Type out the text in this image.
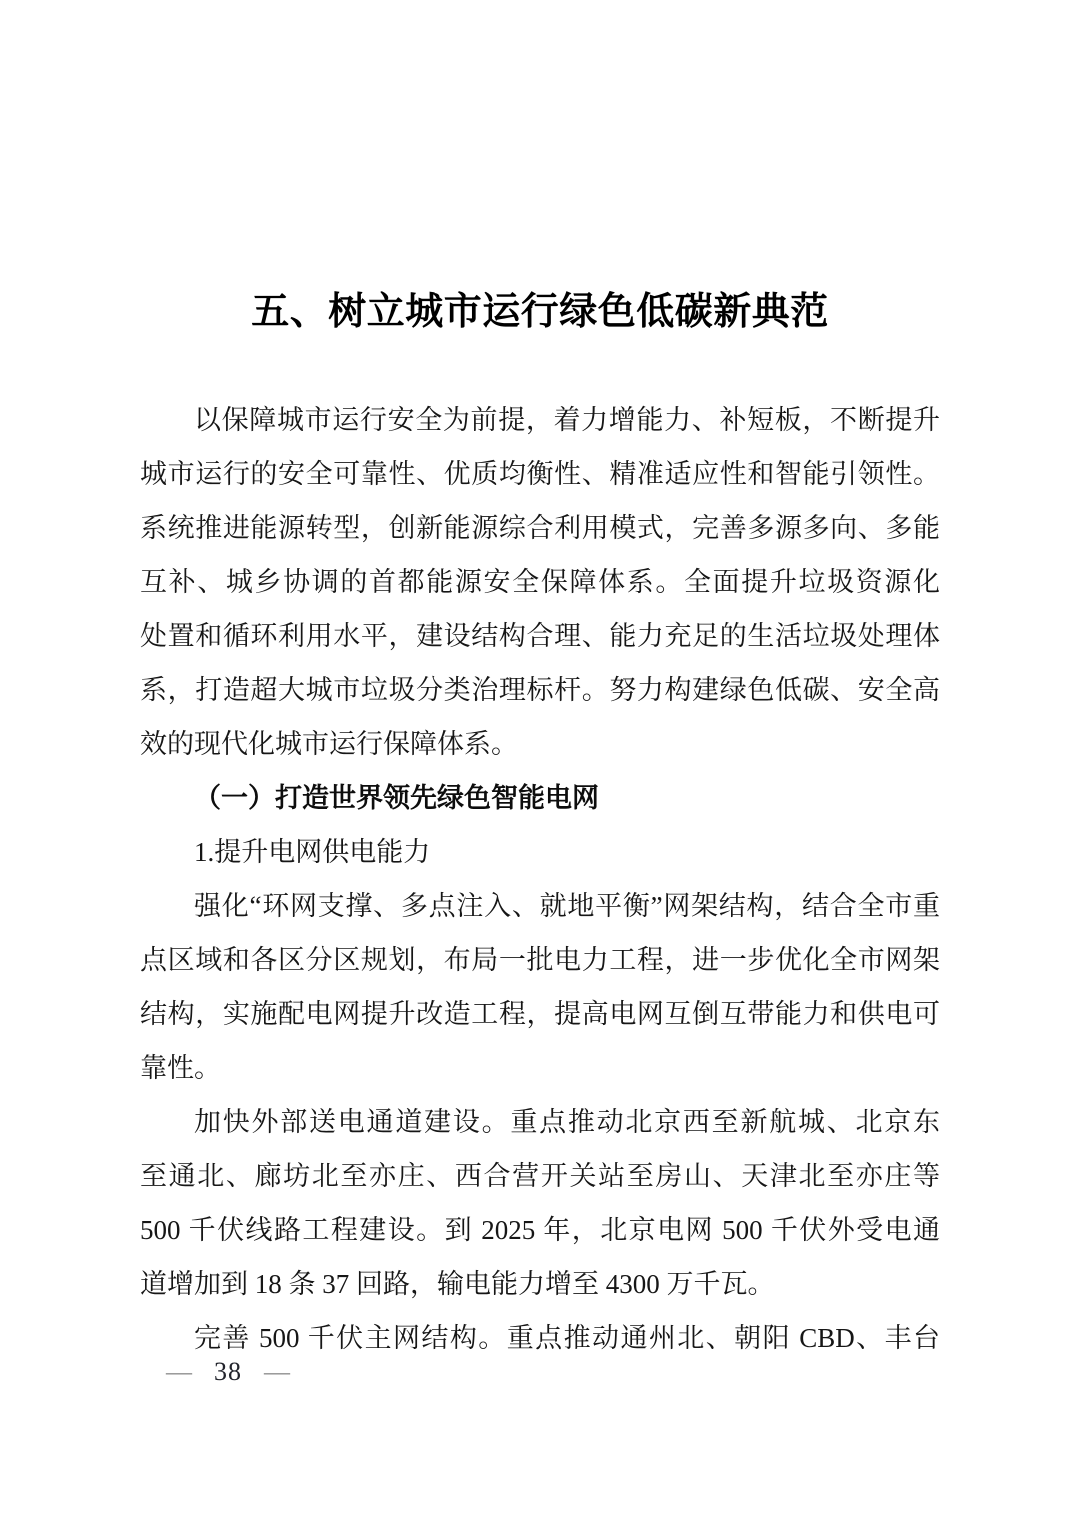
五、树立城市运行绿色低碳新典范
以保障城市运行安全为前提，着力增能力、补短板，不断提升
城市运行的安全可靠性、优质均衡性、精准适应性和智能引领性。
系统推进能源转型，创新能源综合利用模式，完善多源多向、多能
互补、城乡协调的首都能源安全保障体系。全面提升垃圾资源化
处置和循环利用水平，建设结构合理、能力充足的生活垃圾处理体
系，打造超大城市垃圾分类治理标杆。努力构建绿色低碳、安全高
效的现代化城市运行保障体系。
（一）打造世界领先绿色智能电网
1.提升电网供电能力
强化“环网支撑、多点注入、就地平衡”网架结构，结合全市重
点区域和各区分区规划，布局一批电力工程，进一步优化全市网架
结构，实施配电网提升改造工程，提高电网互倒互带能力和供电可
靠性。
加快外部送电通道建设。重点推动北京西至新航城、北京东
至通北、廊坊北至亦庄、西合营开关站至房山、天津北至亦庄等
500 千伏线路工程建设。到 2025 年，北京电网 500 千伏外受电通
道增加到 18 条 37 回路，输电能力增至 4300 万千瓦。
完善 500 千伏主网结构。重点推动通州北、朝阳 CBD、丰台
— 38 —
